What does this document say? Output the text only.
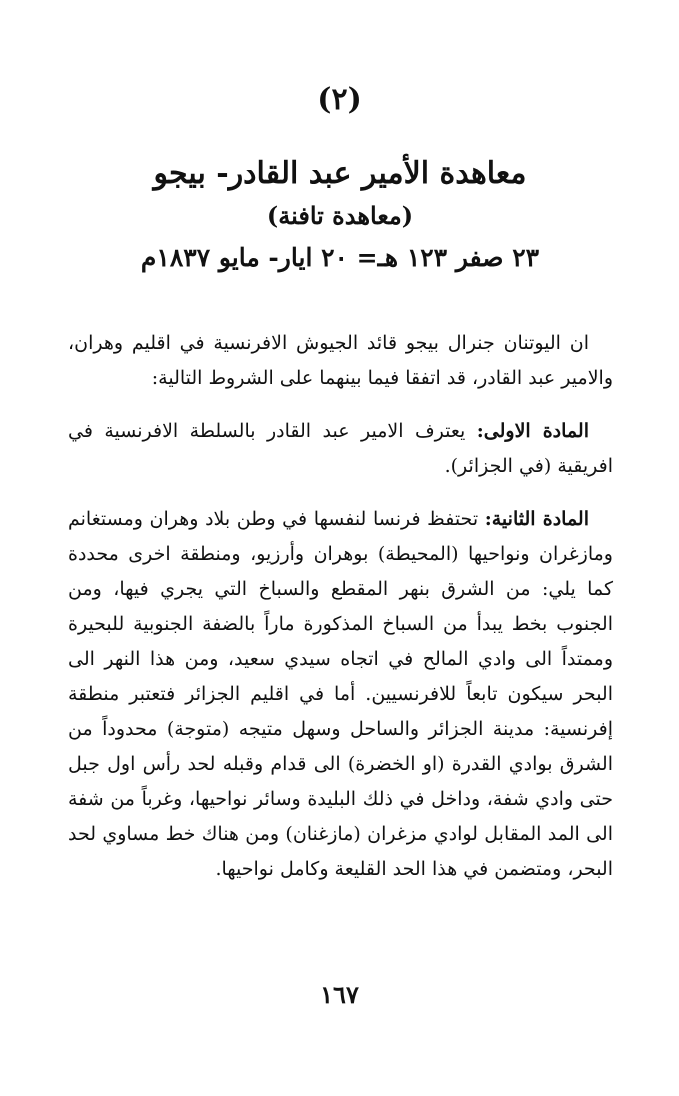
(٢)

معاهدة الأمير عبد القادر- بيجو

(معاهدة تافنة)

٢٣ صفر ١٢٣ هـ= ٢٠ ايار- مايو ١٨٣٧م

ان اليوتنان جنرال بيجو قائد الجيوش الافرنسية في اقليم وهران، والامير عبد القادر، قد اتفقا فيما بينهما على الشروط التالية:

المادة الاولى: يعترف الامير عبد القادر بالسلطة الافرنسية في افريقية (في الجزائر).

المادة الثانية: تحتفظ فرنسا لنفسها في وطن بلاد وهران ومستغانم ومازغران ونواحيها (المحيطة) بوهران وأرزيو، ومنطقة اخرى محددة كما يلي: من الشرق بنهر المقطع والسباخ التي يجري فيها، ومن الجنوب بخط يبدأ من السباخ المذكورة ماراً بالضفة الجنوبية للبحيرة وممتداً الى وادي المالح في اتجاه سيدي سعيد، ومن هذا النهر الى البحر سيكون تابعاً للافرنسيين. أما في اقليم الجزائر فتعتبر منطقة إفرنسية: مدينة الجزائر والساحل وسهل متيجه (متوجة) محدوداً من الشرق بوادي القدرة (او الخضرة) الى قدام وقبله لحد رأس اول جبل حتى وادي شفة، وداخل في ذلك البليدة وسائر نواحيها، وغرباً من شفة الى المد المقابل لوادي مزغران (مازغنان) ومن هناك خط مساوي لحد البحر، ومتضمن في هذا الحد القليعة وكامل نواحيها.

١٦٧
